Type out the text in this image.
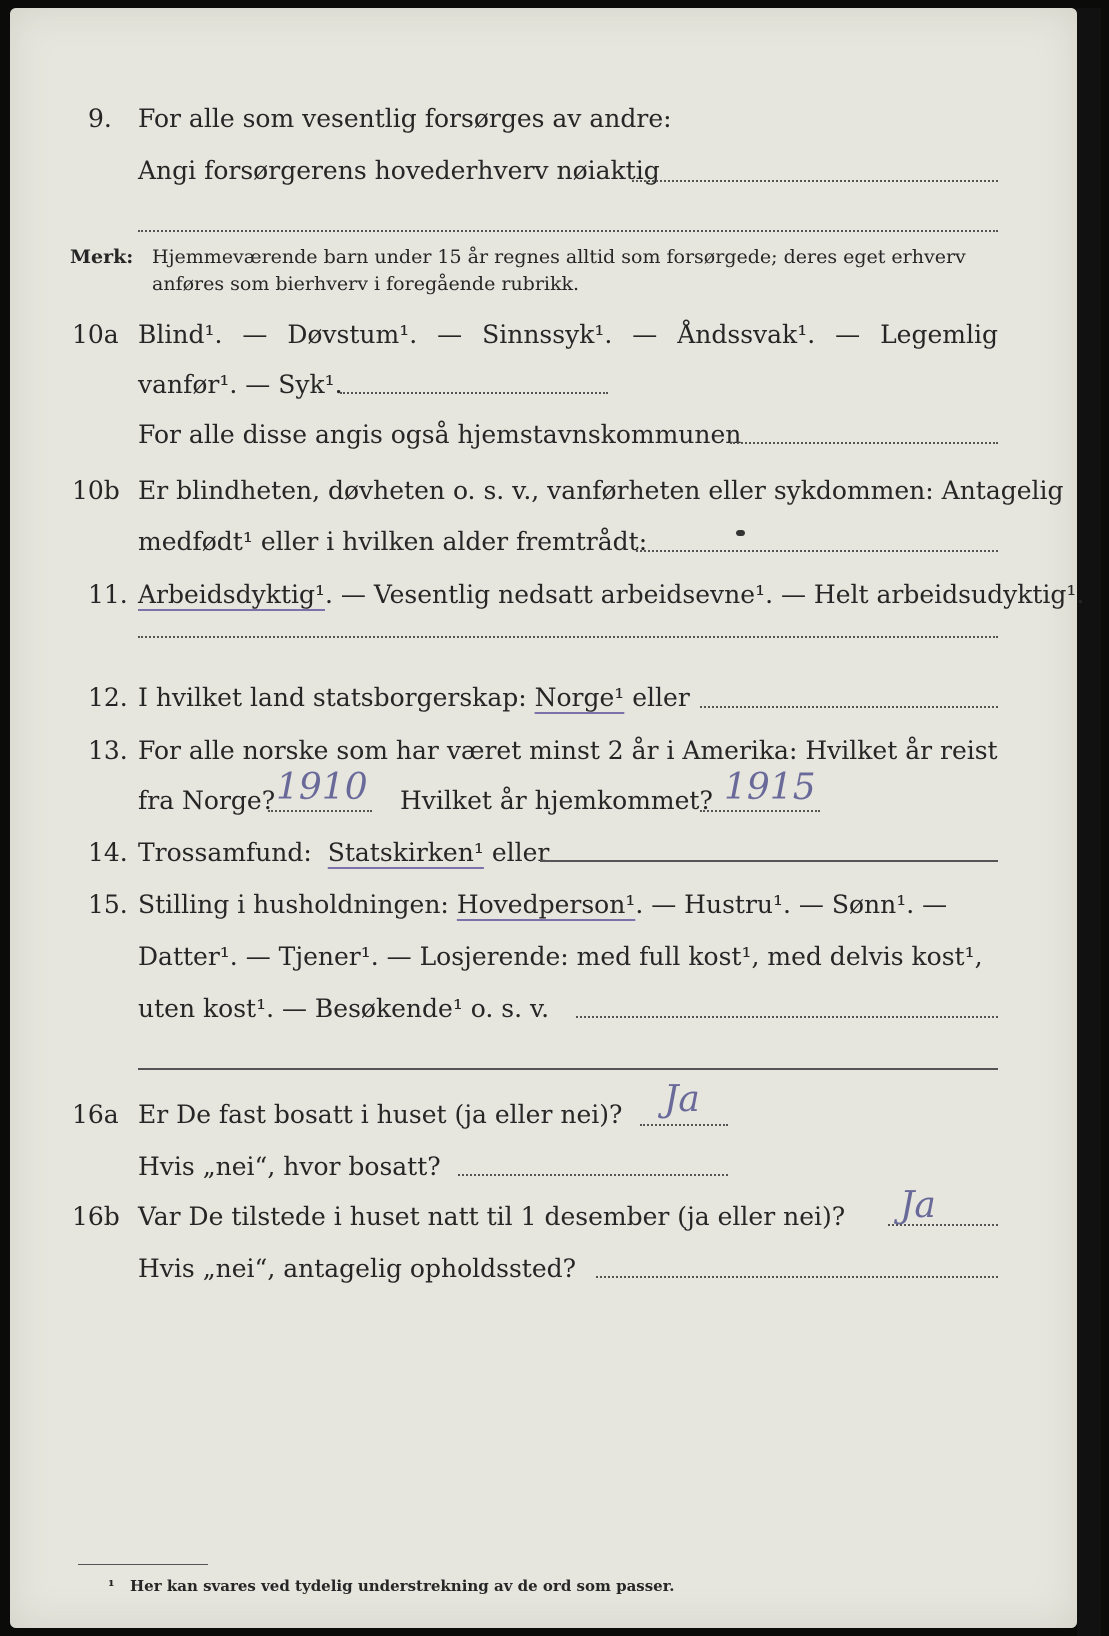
9. For alle som vesentlig forsørges av andre:
Angi forsørgerens hovederhverv nøiaktig
Merk: Hjemmeværende barn under 15 år regnes alltid som forsørgede; deres eget erhverv
anføres som bierhverv i foregående rubrikk.
10a Blind¹. — Døvstum¹. — Sinnssyk¹. — Åndssvak¹. — Legemlig
vanfør¹. — Syk¹.
For alle disse angis også hjemstavnskommunen
10b Er blindheten, døvheten o. s. v., vanførheten eller sykdommen: Antagelig
medfødt¹ eller i hvilken alder fremtrådt:
11. Arbeidsdyktig¹. — Vesentlig nedsatt arbeidsevne¹. — Helt arbeidsudyktig¹.
12. I hvilket land statsborgerskap: Norge¹ eller
13. For alle norske som har været minst 2 år i Amerika: Hvilket år reist
fra Norge? 1910 Hvilket år hjemkommet? 1915
14. Trossamfund: Statskirken¹ eller
15. Stilling i husholdningen: Hovedperson¹. — Hustru¹. — Sønn¹. —
Datter¹. — Tjener¹. — Losjerende: med full kost¹, med delvis kost¹,
uten kost¹. — Besøkende¹ o. s. v.
16a Er De fast bosatt i huset (ja eller nei)? Ja
Hvis „nei“, hvor bosatt?
16b Var De tilstede i huset natt til 1 desember (ja eller nei)? Ja
Hvis „nei“, antagelig opholdssted?
¹ Her kan svares ved tydelig understrekning av de ord som passer.
